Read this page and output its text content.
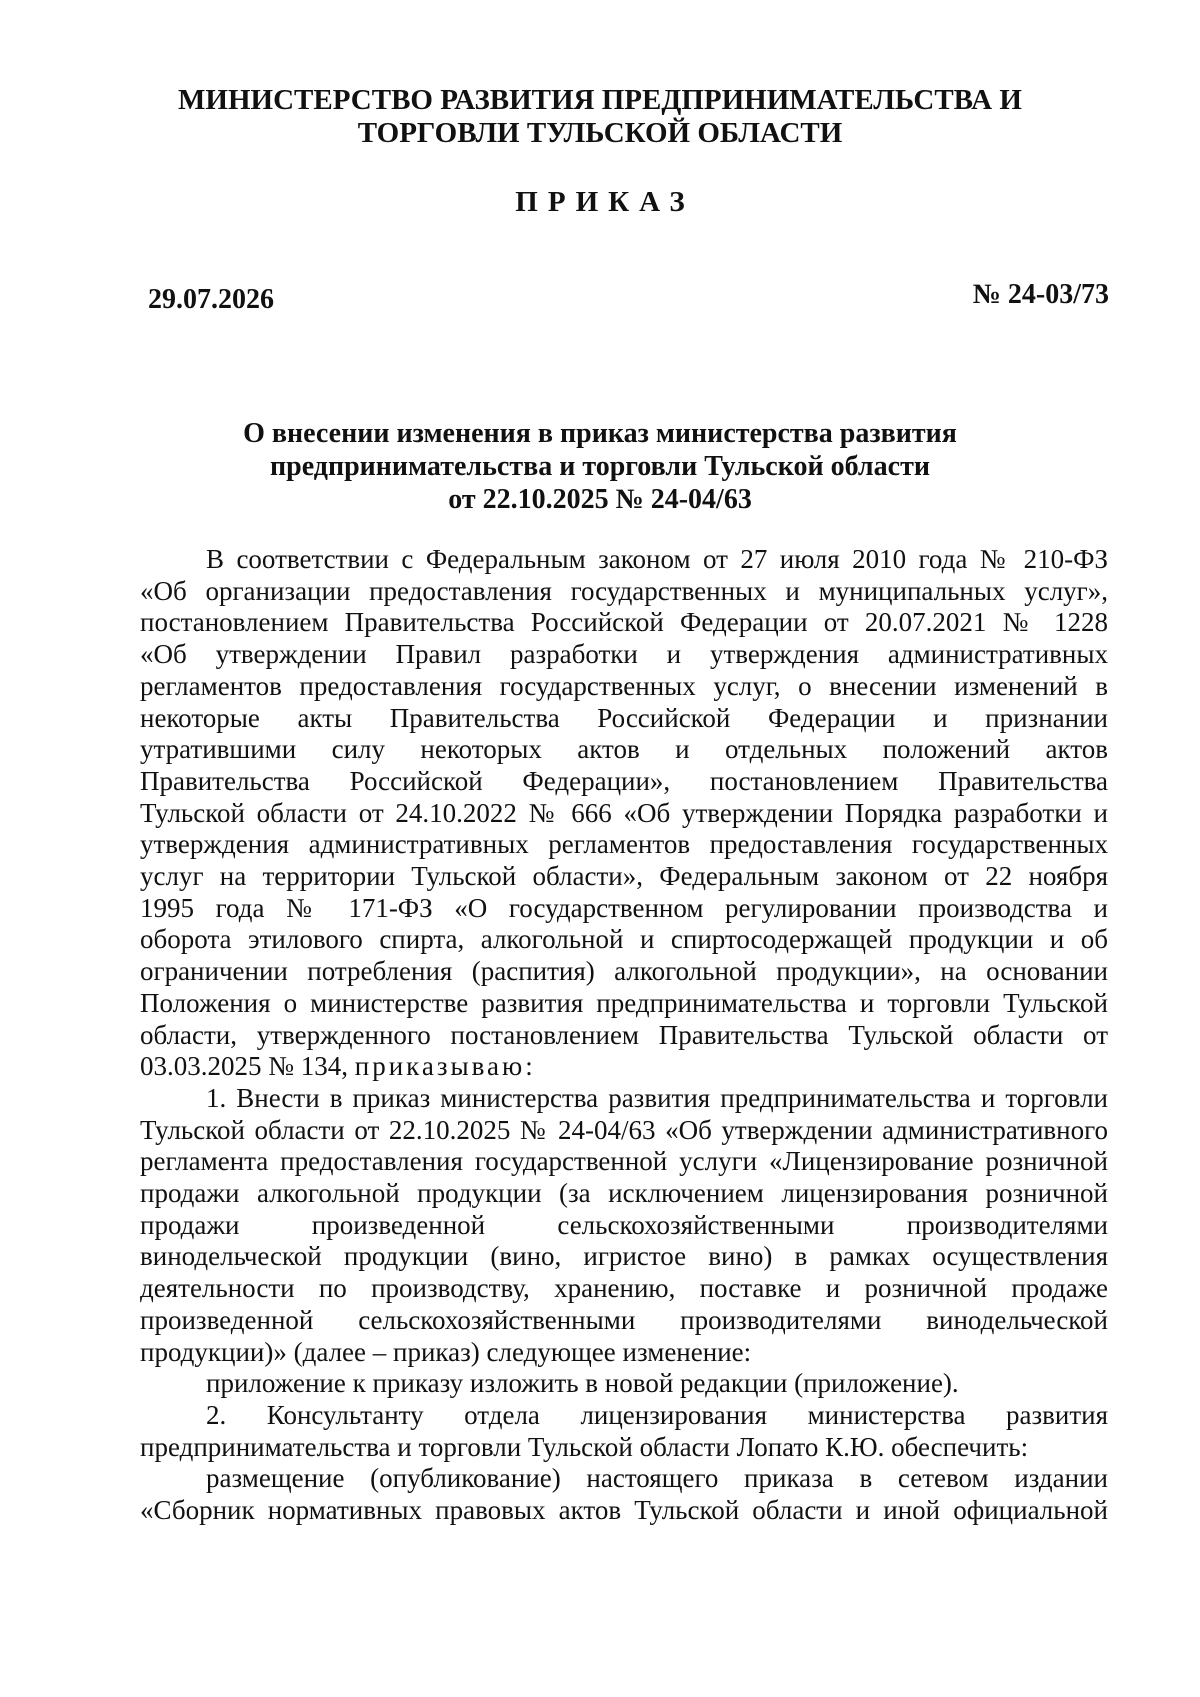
МИНИСТЕРСТВО РАЗВИТИЯ ПРЕДПРИНИМАТЕЛЬСТВА И
ТОРГОВЛИ ТУЛЬСКОЙ ОБЛАСТИ
ПРИКАЗ
29.07.2026	№ 24-03/73
О внесении изменения в приказ министерства развития
предпринимательства и торговли Тульской области
от 22.10.2025 № 24-04/63

В соответствии с Федеральным законом от 27 июля 2010 года № 210-ФЗ

«Об организации предоставления государственных и муниципальных услуг»,
постановлением Правительства Российской Федерации от 20.07.2021 № 1228
«Об утверждении Правил разработки и утверждения административных
регламентов предоставления государственных услуг, о внесении изменений в
некоторые акты Правительства Российской Федерации и признании
утратившими силу некоторых актов и отдельных положений актов
Правительства Российской Федерации», постановлением Правительства
Тульской области от 24.10.2022 № 666 «Об утверждении Порядка разработки и
утверждения административных регламентов предоставления государственных
услуг на территории Тульской области», Федеральным законом от 22 ноября
1995 года № 171-ФЗ «О государственном регулировании производства и
оборота этилового спирта, алкогольной и спиртосодержащей продукции и об
ограничении потребления (распития) алкогольной продукции», на основании
Положения о министерстве развития предпринимательства и торговли Тульской
области, утвержденного постановлением Правительства Тульской области от
03.03.2025 № 134, приказываю:

1. Внести в приказ министерства развития предпринимательства и торговли

Тульской области от 22.10.2025 № 24-04/63 «Об утверждении административного
регламента предоставления государственной услуги «Лицензирование розничной
продажи алкогольной продукции (за исключением лицензирования розничной
продажи произведенной сельскохозяйственными производителями
винодельческой продукции (вино, игристое вино) в рамках осуществления
деятельности по производству, хранению, поставке и розничной продаже
произведенной сельскохозяйственными производителями винодельческой
продукции)» (далее – приказ) следующее изменение:

приложение к приказу изложить в новой редакции (приложение).

2. Консультанту отдела лицензирования министерства развития

предпринимательства и торговли Тульской области Лопато К.Ю. обеспечить:

размещение (опубликование) настоящего приказа в сетевом издании

«Сборник нормативных правовых актов Тульской области и иной официальной
